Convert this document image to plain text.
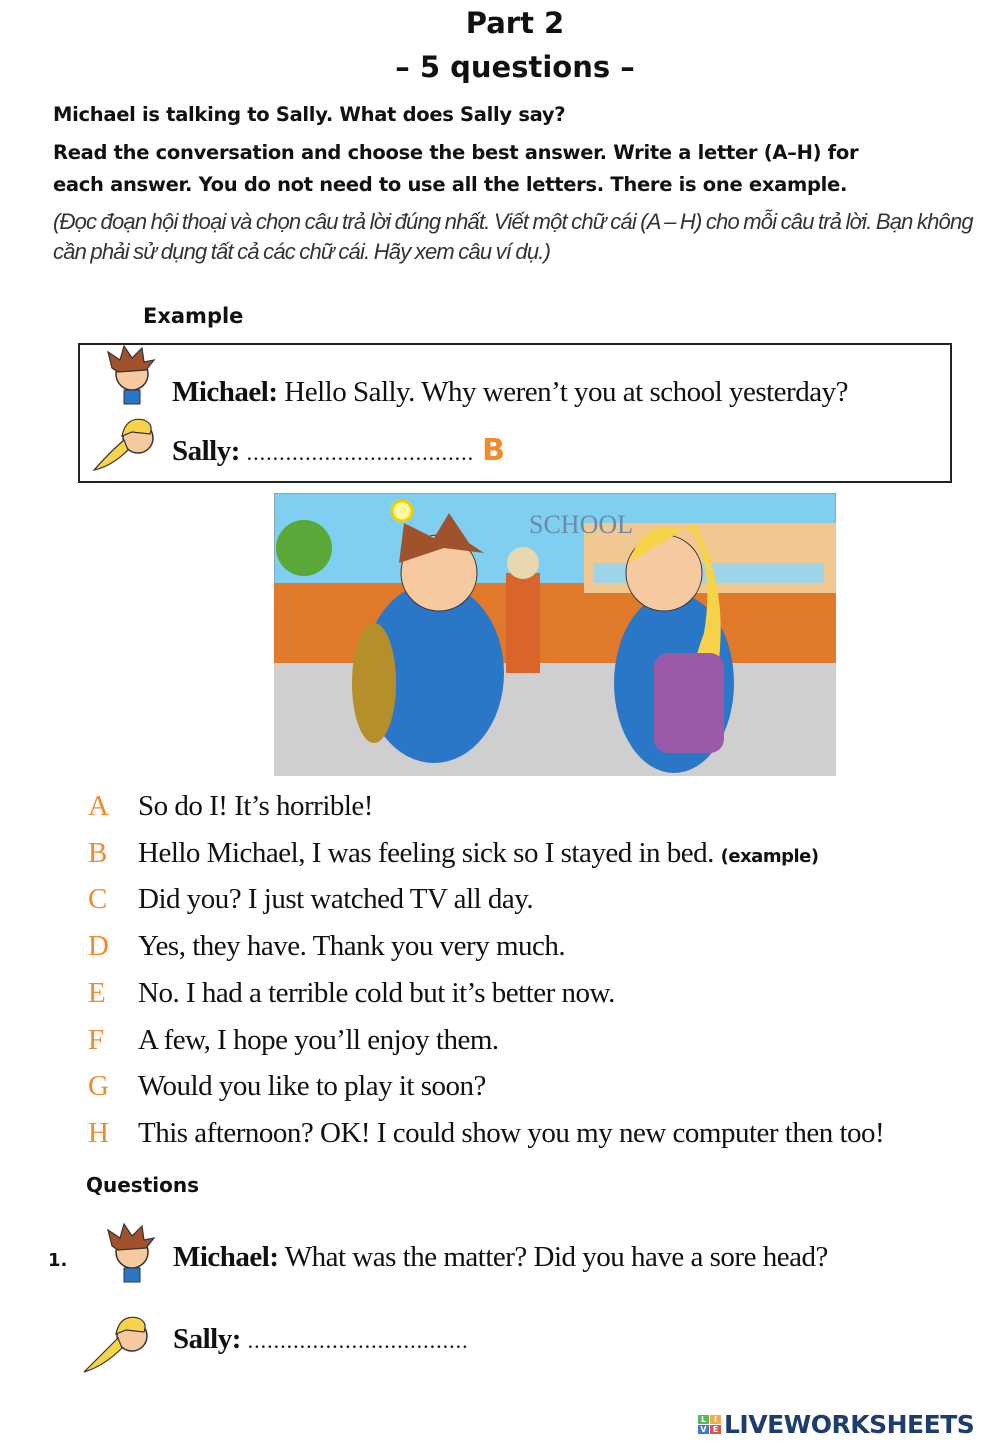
Part 2
– 5 questions –
Michael is talking to Sally. What does Sally say?
Read the conversation and choose the best answer. Write a letter (A–H) for
each answer. You do not need to use all the letters. There is one example.
(Đọc đoạn hội thoại và chọn câu trả lời đúng nhất. Viết một chữ cái (A – H) cho mỗi câu trả lời. Bạn không cần phải sử dụng tất cả các chữ cái. Hãy xem câu ví dụ.)
Example
Michael: Hello Sally. Why weren’t you at school yesterday?
Sally: ................................... B
SCHOOL
A So do I! It’s horrible!
B Hello Michael, I was feeling sick so I stayed in bed. (example)
C Did you? I just watched TV all day.
D Yes, they have. Thank you very much.
E No. I had a terrible cold but it’s better now.
F A few, I hope you’ll enjoy them.
G Would you like to play it soon?
H This afternoon? OK! I could show you my new computer then too!
Questions
1.	Michael: What was the matter? Did you have a sore head?
Sally: ..................................
L I
V E LIVEWORKSHEETS
